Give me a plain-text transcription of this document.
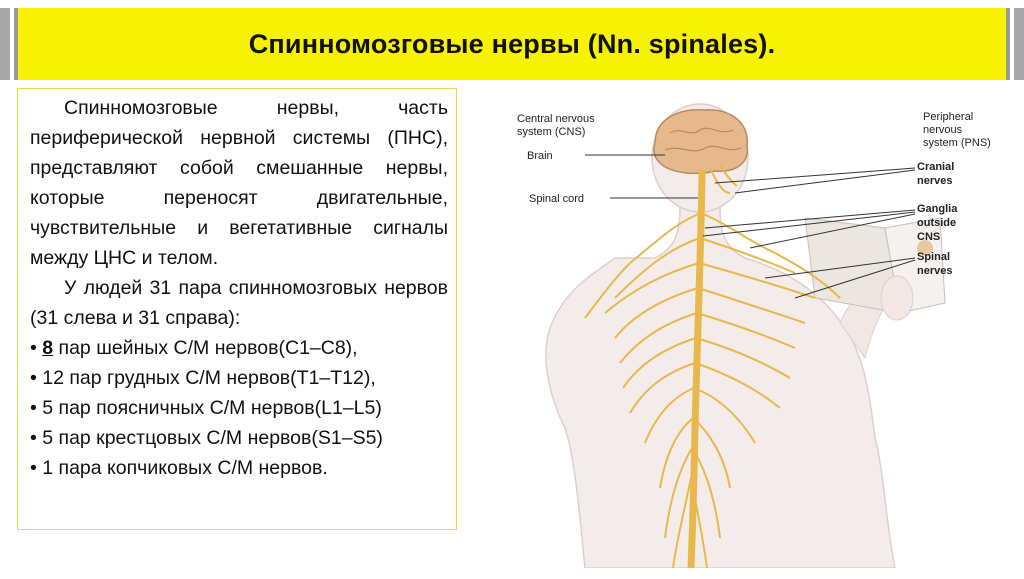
Спинномозговые нервы (Nn. spinales).

Спинномозговые нервы, часть периферической нервной системы (ПНС), представляют собой смешанные нервы, которые переносят двигательные, чувствительные и вегетативные сигналы между ЦНС и телом.

У людей 31 пара спинномозговых нервов (31 слева и 31 справа):

• 8 пар шейных С/М нервов(С1–С8),
• 12 пар грудных С/М нервов(Т1–Т12),
• 5 пар поясничных С/М нервов(L1–L5)
• 5 пар крестцовых С/М нервов(S1–S5)
• 1 пара копчиковых С/М нервов.
Central nervous
system (CNS)
Brain
Spinal cord
Peripheral
nervous
system (PNS)
Cranial
nerves
Ganglia
outside
CNS
Spinal
nerves
